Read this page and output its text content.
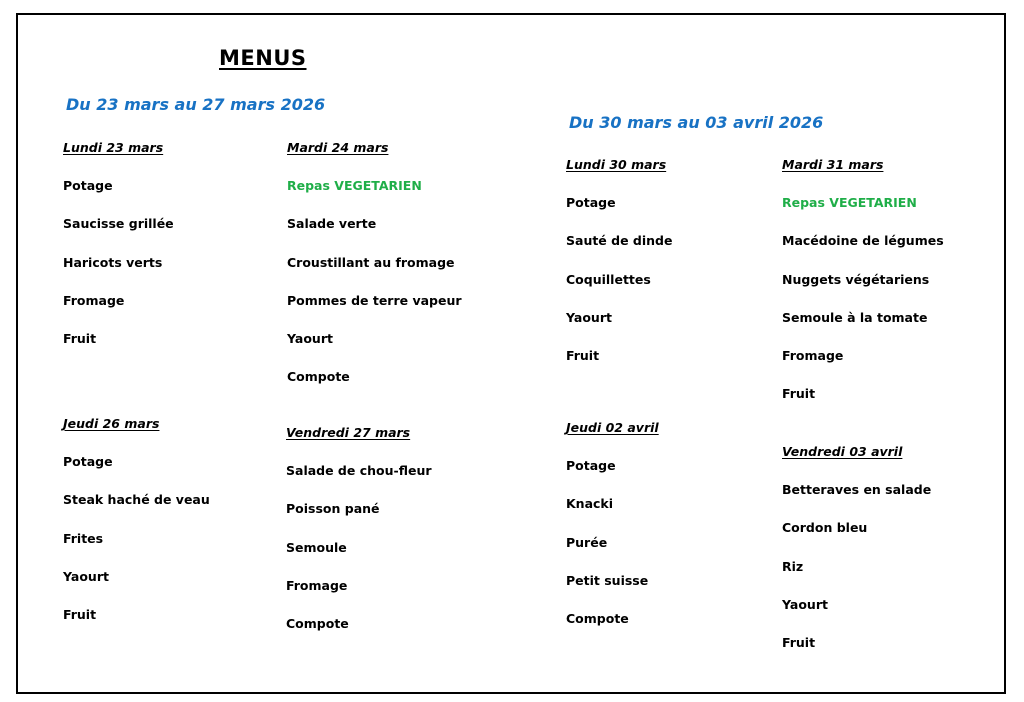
MENUS
Du 23 mars au 27 mars 2026
Lundi 23 mars
Potage
Saucisse grillée
Haricots verts
Fromage
Fruit
Mardi 24 mars
Repas VEGETARIEN
Salade verte
Croustillant au fromage
Pommes de terre vapeur
Yaourt
Compote
Jeudi 26 mars
Potage
Steak haché de veau
Frites
Yaourt
Fruit
Vendredi 27 mars
Salade de chou-fleur
Poisson pané
Semoule
Fromage
Compote
Du 30 mars au 03 avril 2026
Lundi 30 mars
Potage
Sauté de dinde
Coquillettes
Yaourt
Fruit
Mardi 31 mars
Repas VEGETARIEN
Macédoine de légumes
Nuggets végétariens
Semoule à la tomate
Fromage
Fruit
Jeudi 02 avril
Potage
Knacki
Purée
Petit suisse
Compote
Vendredi 03 avril
Betteraves en salade
Cordon bleu
Riz
Yaourt
Fruit
